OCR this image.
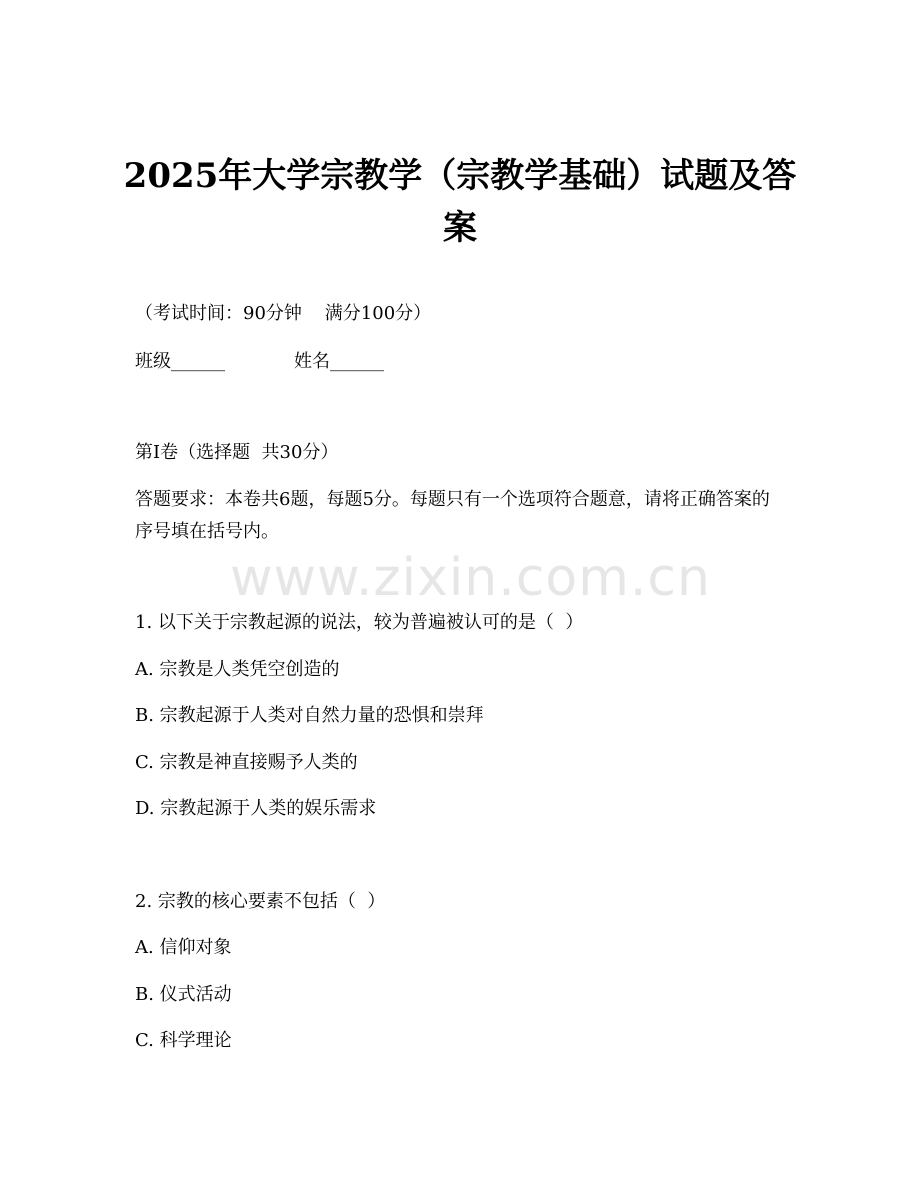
www.zixin.com.cn
2025年大学宗教学（宗教学基础）试题及答案
（考试时间：90分钟    满分100分）
班级______	姓名______
第I卷（选择题  共30分）
答题要求：本卷共6题，每题5分。每题只有一个选项符合题意，请将正确答案的序号填在括号内。
1. 以下关于宗教起源的说法，较为普遍被认可的是（  ）
A. 宗教是人类凭空创造的
B. 宗教起源于人类对自然力量的恐惧和崇拜
C. 宗教是神直接赐予人类的
D. 宗教起源于人类的娱乐需求
2. 宗教的核心要素不包括（  ）
A. 信仰对象
B. 仪式活动
C. 科学理论
